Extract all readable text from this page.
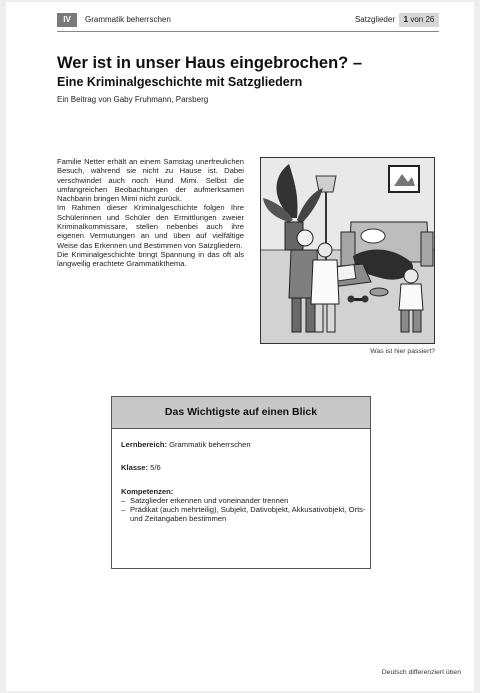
IV	Grammatik beherrschen	Satzglieder	1 von 26
Wer ist in unser Haus eingebrochen? –
Eine Kriminalgeschichte mit Satzgliedern
Ein Beitrag von Gaby Fruhmann, Parsberg

Familie Netter erhält an einem Samstag unerfreulichen Besuch, während sie nicht zu Hause ist. Dabei verschwindet auch noch Hund Mimi. Selbst die umfangreichen Beobachtungen der aufmerksamen Nachbarin bringen Mimi nicht zurück.

Im Rahmen dieser Kriminalgeschichte folgen Ihre Schülerinnen und Schüler den Ermittlungen zweier Kriminalkommissare, stellen nebenbei auch ihre eigenen Vermutungen an und üben auf vielfältige Weise das Erkennen und Bestimmen von Satzgliedern.

Die Kriminalgeschichte bringt Spannung in das oft als langweilig erachtete Grammatikthema.

Was ist hier passiert?
Das Wichtigste auf einen Blick
Lernbereich: Grammatik beherrschen
Klasse: 5/6
Kompetenzen:
– Satzglieder erkennen und voneinander trennen
– Prädikat (auch mehrteilig), Subjekt, Dativobjekt, Akkusativobjekt, Orts- und Zeitangaben bestimmen
Deutsch differenziert üben
